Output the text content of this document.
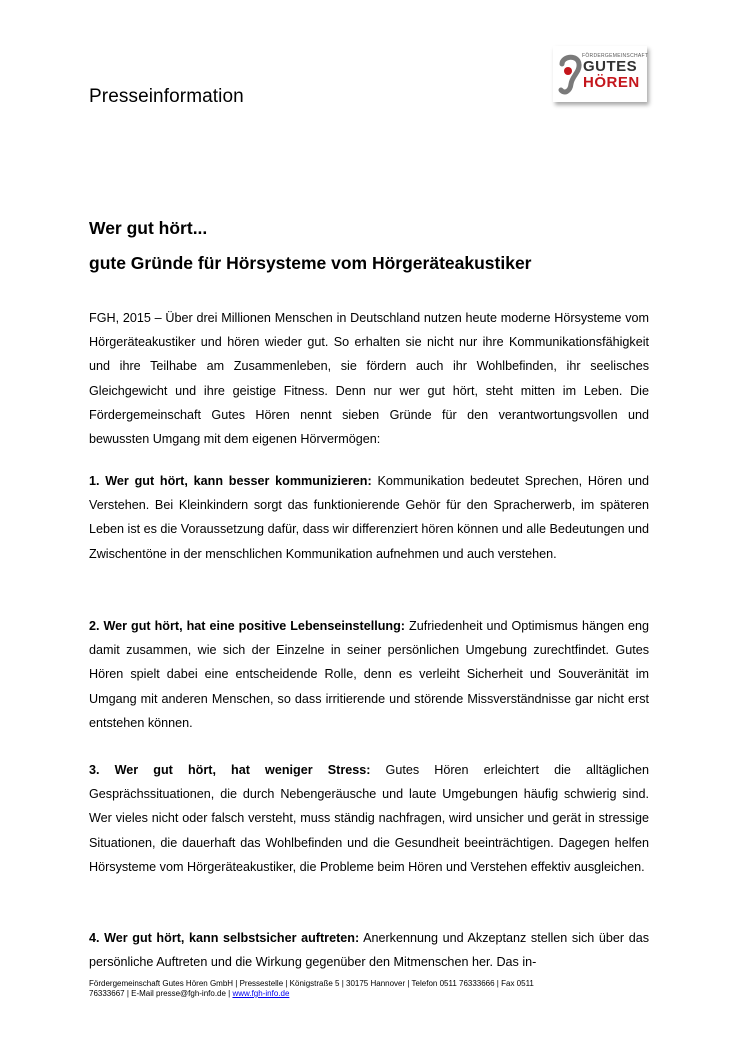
Presseinformation
FÖRDERGEMEINSCHAFT
GUTES
HÖREN
Wer gut hört...
gute Gründe für Hörsysteme vom Hörgeräteakustiker
FGH, 2015 – Über drei Millionen Menschen in Deutschland nutzen heute moderne Hörsysteme vom Hörgeräteakustiker und hören wieder gut. So erhalten sie nicht nur ihre Kommunikationsfähigkeit und ihre Teilhabe am Zusammenleben, sie fördern auch ihr Wohlbefinden, ihr seelisches Gleichgewicht und ihre geistige Fitness. Denn nur wer gut hört, steht mitten im Leben. Die Fördergemeinschaft Gutes Hören nennt sieben Gründe für den verantwortungsvollen und bewussten Umgang mit dem eigenen Hörvermögen:
1. Wer gut hört, kann besser kommunizieren: Kommunikation bedeutet Sprechen, Hören und Verstehen. Bei Kleinkindern sorgt das funktionierende Gehör für den Spracherwerb, im späteren Leben ist es die Voraussetzung dafür, dass wir differenziert hören können und alle Bedeutungen und Zwischentöne in der menschlichen Kommunikation aufnehmen und auch verstehen.
2. Wer gut hört, hat eine positive Lebenseinstellung: Zufriedenheit und Optimismus hängen eng damit zusammen, wie sich der Einzelne in seiner persönlichen Umgebung zurechtfindet. Gutes Hören spielt dabei eine entscheidende Rolle, denn es verleiht Sicherheit und Souveränität im Umgang mit anderen Menschen, so dass irritierende und störende Missverständnisse gar nicht erst entstehen können.
3. Wer gut hört, hat weniger Stress: Gutes Hören erleichtert die alltäglichen Gesprächssituationen, die durch Nebengeräusche und laute Umgebungen häufig schwierig sind. Wer vieles nicht oder falsch versteht, muss ständig nachfragen, wird unsicher und gerät in stressige Situationen, die dauerhaft das Wohlbefinden und die Gesundheit beeinträchtigen. Dagegen helfen Hörsysteme vom Hörgeräteakustiker, die Probleme beim Hören und Verstehen effektiv ausgleichen.
4. Wer gut hört, kann selbstsicher auftreten: Anerkennung und Akzeptanz stellen sich über das persönliche Auftreten und die Wirkung gegenüber den Mitmenschen her. Das in-
Fördergemeinschaft Gutes Hören GmbH | Pressestelle | Königstraße 5 | 30175 Hannover | Telefon 0511 76333666 | Fax 0511
76333667 | E-Mail presse@fgh-info.de | www.fgh-info.de
